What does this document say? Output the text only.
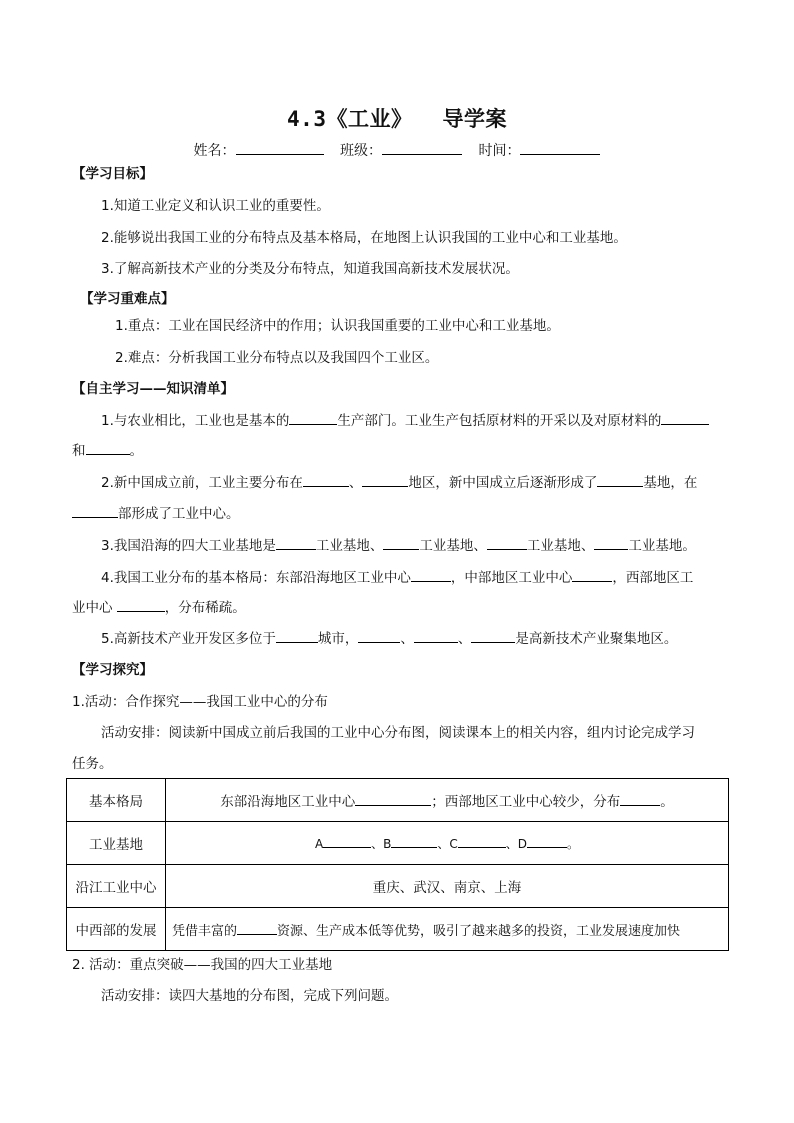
4.3《工业》 导学案
姓名：	班级：	时间：
【学习目标】
1.知道工业定义和认识工业的重要性。
2.能够说出我国工业的分布特点及基本格局，在地图上认识我国的工业中心和工业基地。
3.了解高新技术产业的分类及分布特点，知道我国高新技术发展状况。
【学习重难点】
1.重点：工业在国民经济中的作用；认识我国重要的工业中心和工业基地。
2.难点：分析我国工业分布特点以及我国四个工业区。
【自主学习——知识清单】
1.与农业相比，工业也是基本的	生产部门。工业生产包括原材料的开采以及对原材料的
和	。
2.新中国成立前，工业主要分布在	、	地区，新中国成立后逐渐形成了	基地，在
部形成了工业中心。
3.我国沿海的四大工业基地是	工业基地、	工业基地、	工业基地、	工业基地。
4.我国工业分布的基本格局：东部沿海地区工业中心	，中部地区工业中心	，西部地区工
业中心	，分布稀疏。
5.高新技术产业开发区多位于	城市，	、	、	是高新技术产业聚集地区。
【学习探究】
1.活动：合作探究——我国工业中心的分布
活动安排：阅读新中国成立前后我国的工业中心分布图，阅读课本上的相关内容，组内讨论完成学习
任务。
基本格局	东部沿海地区工业中心 ；西部地区工业中心较少，分布 。
工业基地	A 、B 、C 、D 。
沿江工业中心	重庆、武汉、南京、上海
中西部的发展	凭借丰富的 资源、生产成本低等优势，吸引了越来越多的投资，工业发展速度加快
2. 活动：重点突破——我国的四大工业基地
活动安排：读四大基地的分布图，完成下列问题。
